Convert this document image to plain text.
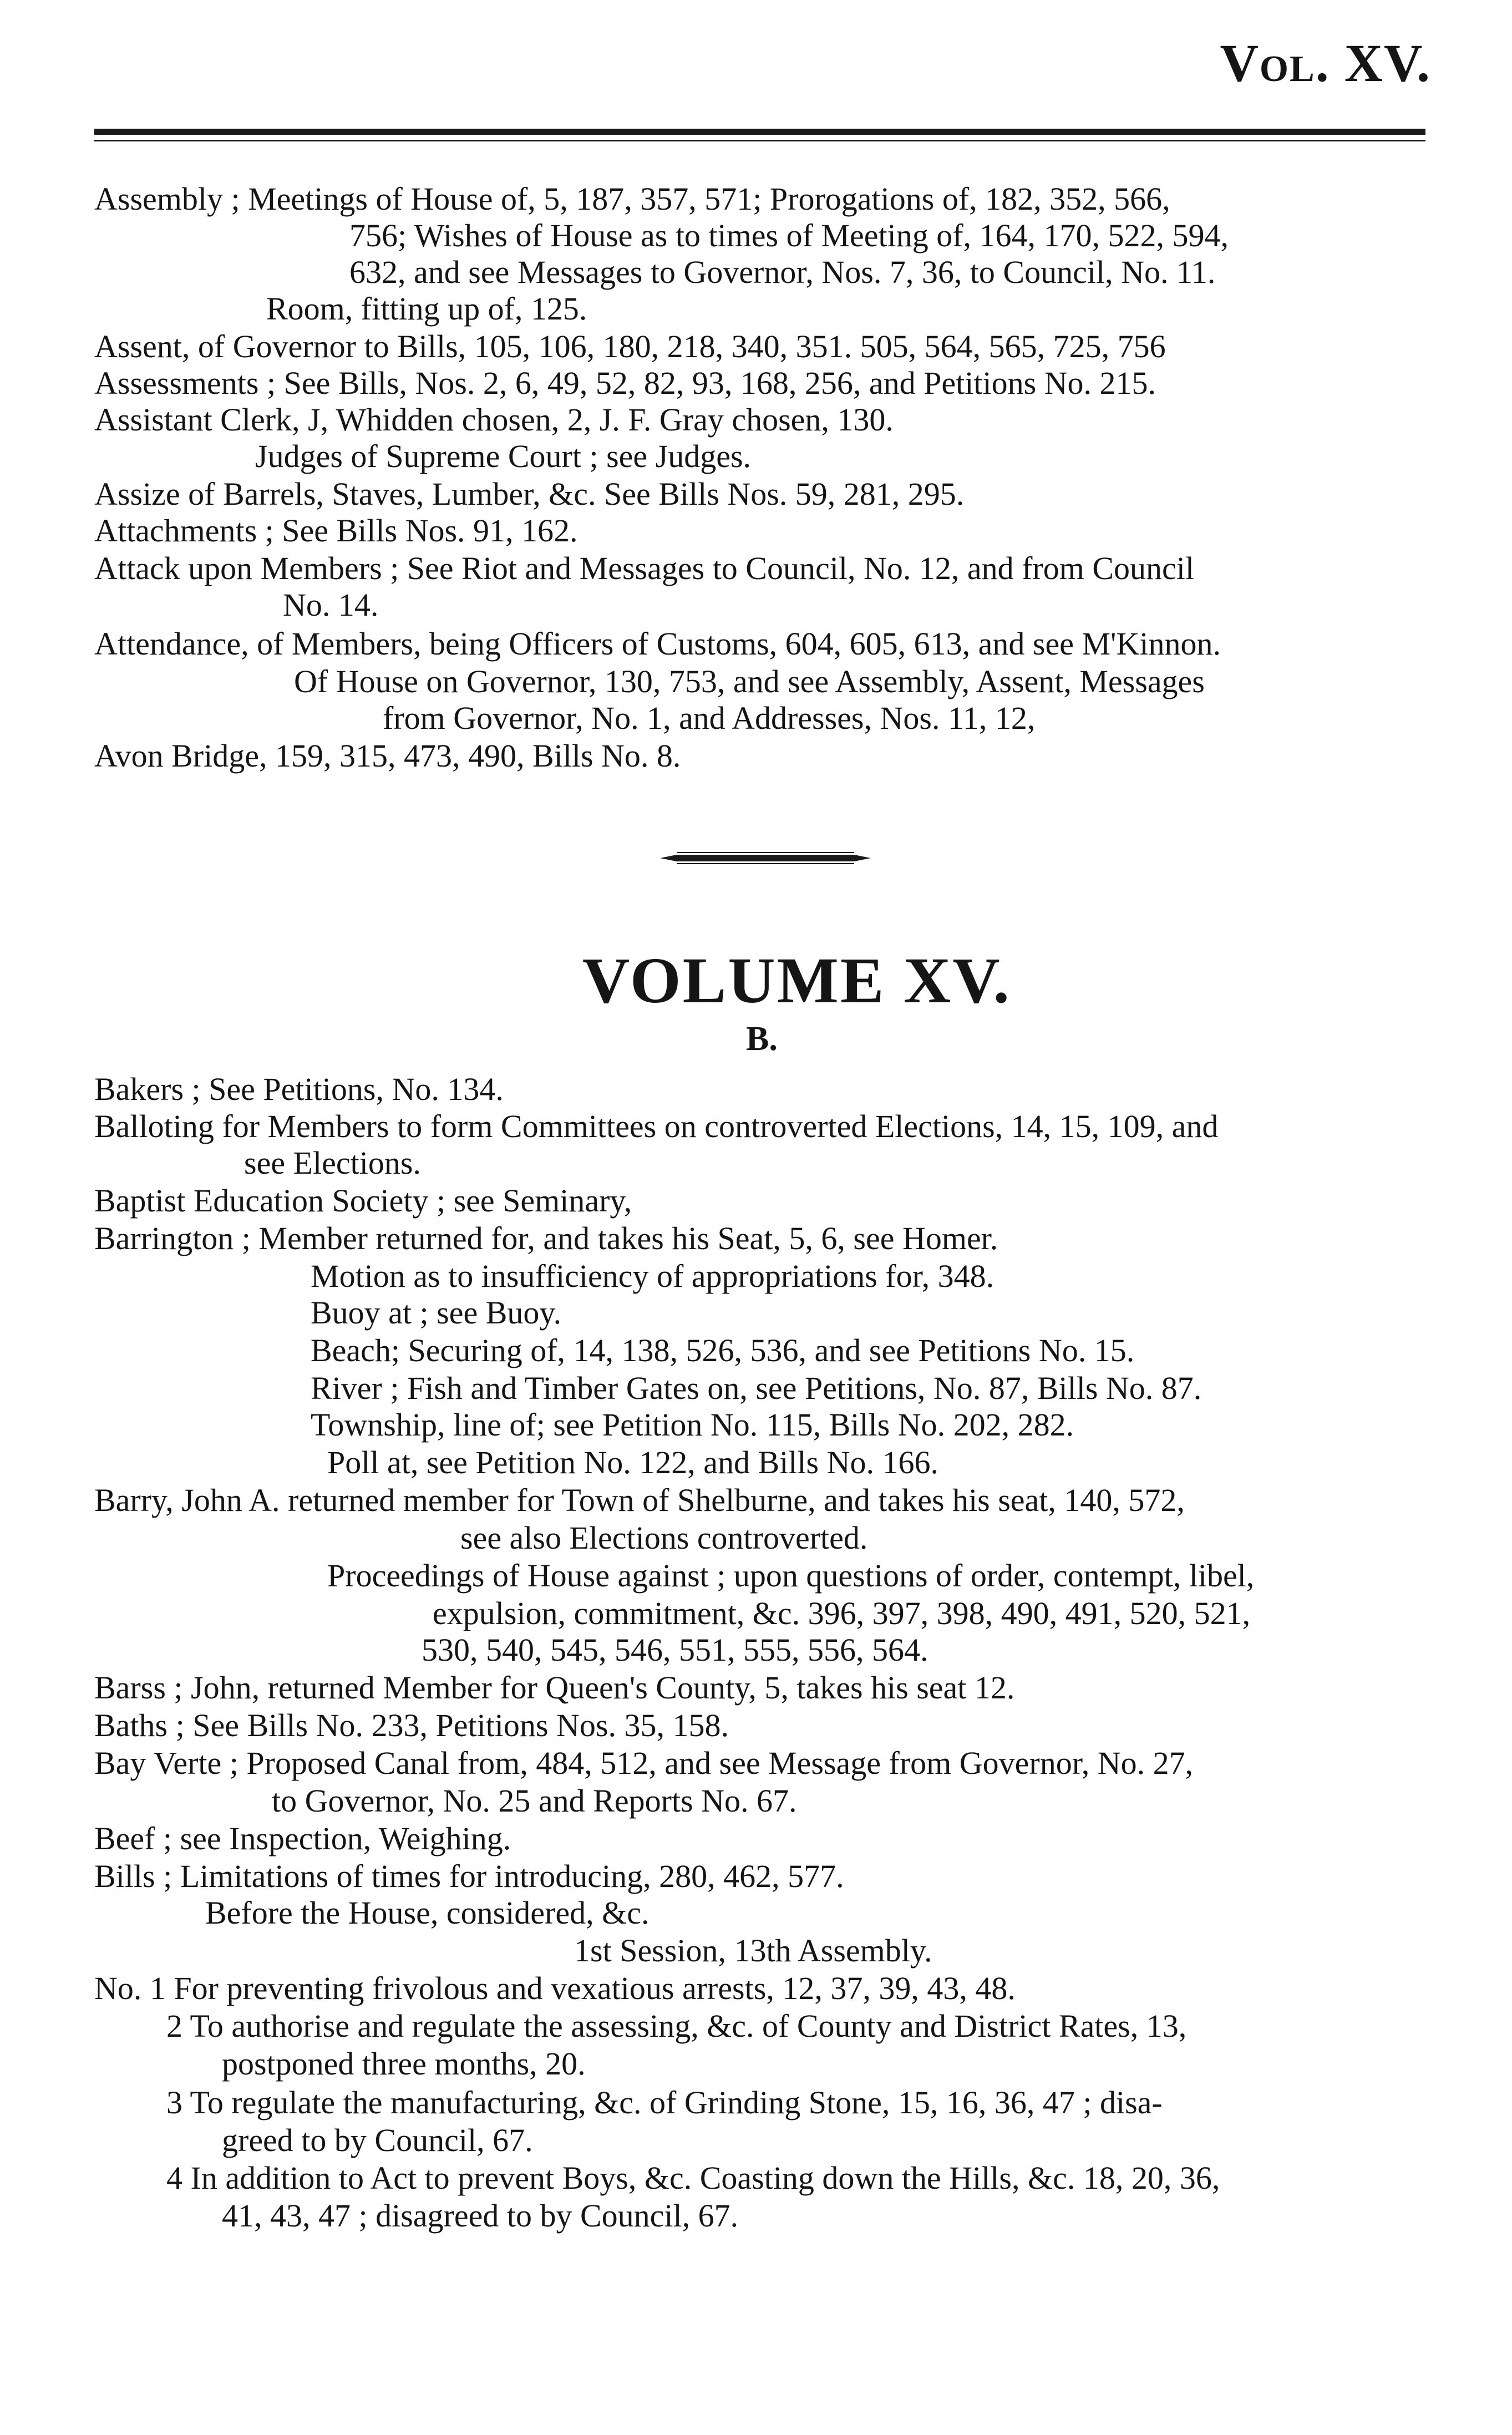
Vol. XV.
Assembly ; Meetings of House of, 5, 187, 357, 571; Prorogations of, 182, 352, 566,
756; Wishes of House as to times of Meeting of, 164, 170, 522, 594,
632, and see Messages to Governor, Nos. 7, 36, to Council, No. 11.
Room, fitting up of, 125.
Assent, of Governor to Bills, 105, 106, 180, 218, 340, 351. 505, 564, 565, 725, 756
Assessments ; See Bills, Nos. 2, 6, 49, 52, 82, 93, 168, 256, and Petitions No. 215.
Assistant Clerk, J, Whidden chosen, 2, J. F. Gray chosen, 130.
Judges of Supreme Court ; see Judges.
Assize of Barrels, Staves, Lumber, &c. See Bills Nos. 59, 281, 295.
Attachments ; See Bills Nos. 91, 162.
Attack upon Members ; See Riot and Messages to Council, No. 12, and from Council
No. 14.
Attendance, of Members, being Officers of Customs, 604, 605, 613, and see M'Kinnon.
Of House on Governor, 130, 753, and see Assembly, Assent, Messages
from Governor, No. 1, and Addresses, Nos. 11, 12,
Avon Bridge, 159, 315, 473, 490, Bills No. 8.
VOLUME XV.
B.
Bakers ; See Petitions, No. 134.
Balloting for Members to form Committees on controverted Elections, 14, 15, 109, and
see Elections.
Baptist Education Society ; see Seminary,
Barrington ; Member returned for, and takes his Seat, 5, 6, see Homer.
Motion as to insufficiency of appropriations for, 348.
Buoy at ; see Buoy.
Beach; Securing of, 14, 138, 526, 536, and see Petitions No. 15.
River ; Fish and Timber Gates on, see Petitions, No. 87, Bills No. 87.
Township, line of; see Petition No. 115, Bills No. 202, 282.
Poll at, see Petition No. 122, and Bills No. 166.
Barry, John A. returned member for Town of Shelburne, and takes his seat, 140, 572,
see also Elections controverted.
Proceedings of House against ; upon questions of order, contempt, libel,
expulsion, commitment, &c. 396, 397, 398, 490, 491, 520, 521,
530, 540, 545, 546, 551, 555, 556, 564.
Barss ; John, returned Member for Queen's County, 5, takes his seat 12.
Baths ; See Bills No. 233, Petitions Nos. 35, 158.
Bay Verte ; Proposed Canal from, 484, 512, and see Message from Governor, No. 27,
to Governor, No. 25 and Reports No. 67.
Beef ; see Inspection, Weighing.
Bills ; Limitations of times for introducing, 280, 462, 577.
Before the House, considered, &c.
1st Session, 13th Assembly.
No. 1 For preventing frivolous and vexatious arrests, 12, 37, 39, 43, 48.
2 To authorise and regulate the assessing, &c. of County and District Rates, 13,
postponed three months, 20.
3 To regulate the manufacturing, &c. of Grinding Stone, 15, 16, 36, 47 ; disa-
greed to by Council, 67.
4 In addition to Act to prevent Boys, &c. Coasting down the Hills, &c. 18, 20, 36,
41, 43, 47 ; disagreed to by Council, 67.
